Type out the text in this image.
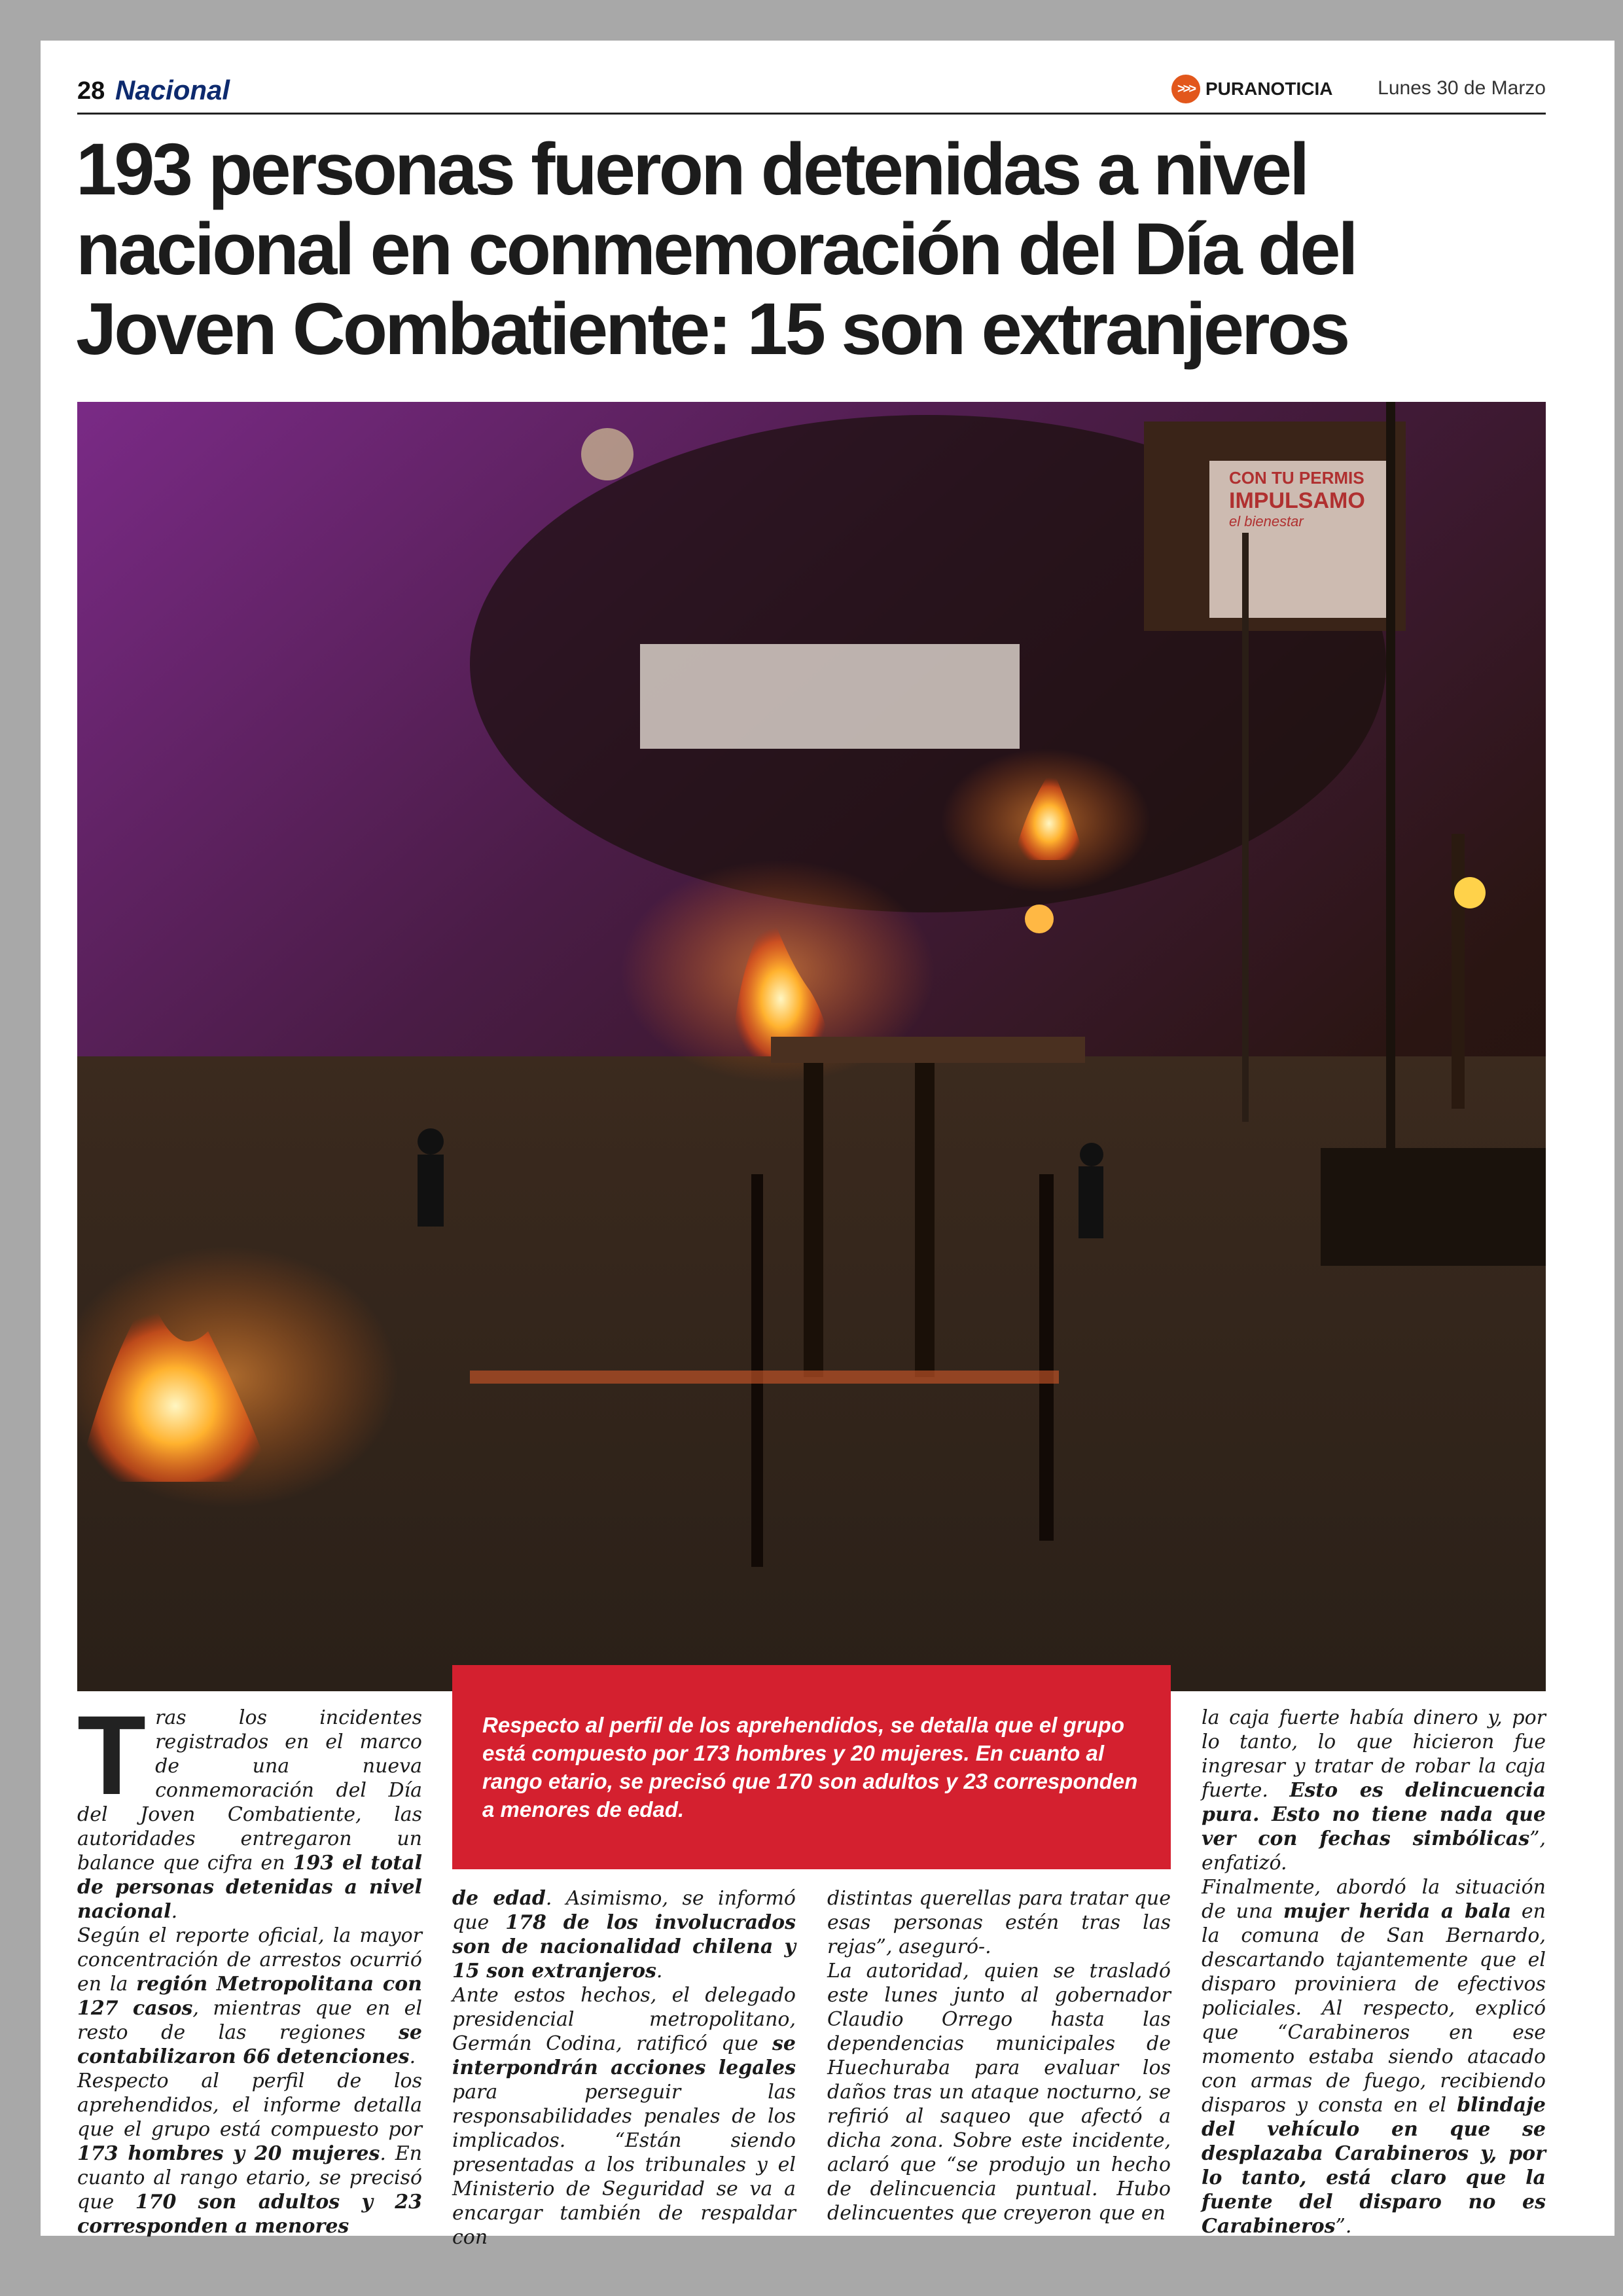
28 Nacional	>>> PURANOTICIA Lunes 30 de Marzo
193 personas fueron detenidas a nivel nacional en conmemoración del Día del Joven Combatiente: 15 son extranjeros
CON TU PERMIS
IMPULSAMO
el bienestar

Respecto al perfil de los aprehendidos, se detalla que el grupo está compuesto por 173 hombres y 20 mujeres. En cuanto al rango etario, se precisó que 170 son adultos y 23 corresponden a menores de edad.

Tras los incidentes registrados en el marco de una nueva conmemoración del Día del Joven Combatiente, las autoridades entregaron un balance que cifra en 193 el total de personas detenidas a nivel nacional.

Según el reporte oficial, la mayor concentración de arrestos ocurrió en la región Metropolitana con 127 casos, mientras que en el resto de las regiones se contabilizaron 66 detenciones.

Respecto al perfil de los aprehendidos, el informe detalla que el grupo está compuesto por 173 hombres y 20 mujeres. En cuanto al rango etario, se precisó que 170 son adultos y 23 corresponden a menores

de edad. Asimismo, se informó que 178 de los involucrados son de nacionalidad chilena y 15 son extranjeros.

Ante estos hechos, el delegado presidencial metropolitano, Germán Codina, ratificó que se interpondrán acciones legales para perseguir las responsabilidades penales de los implicados. “Están siendo presentadas a los tribunales y el Ministerio de Seguridad se va a encargar también de respaldar con

distintas querellas para tratar que esas personas estén tras las rejas”, aseguró-.

La autoridad, quien se trasladó este lunes junto al gobernador Claudio Orrego hasta las dependencias municipales de Huechuraba para evaluar los daños tras un ataque nocturno, se refirió al saqueo que afectó a dicha zona. Sobre este incidente, aclaró que “se produjo un hecho de delincuencia puntual. Hubo delincuentes que creyeron que en

la caja fuerte había dinero y, por lo tanto, lo que hicieron fue ingresar y tratar de robar la caja fuerte. Esto es delincuencia pura. Esto no tiene nada que ver con fechas simbólicas”, enfatizó.

Finalmente, abordó la situación de una mujer herida a bala en la comuna de San Bernardo, descartando tajantemente que el disparo proviniera de efectivos policiales. Al respecto, explicó que “Carabineros en ese momento estaba siendo atacado con armas de fuego, recibiendo disparos y consta en el blindaje del vehículo en que se desplazaba Carabineros y, por lo tanto, está claro que la fuente del disparo no es Carabineros”.
